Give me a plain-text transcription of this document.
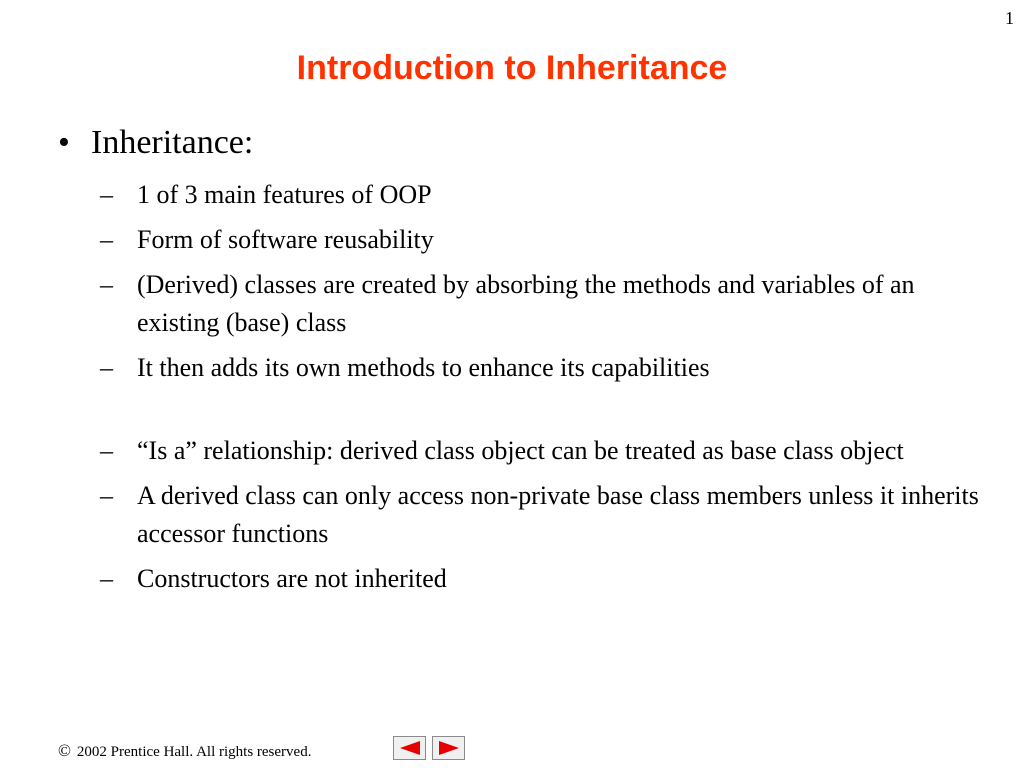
1
Introduction to Inheritance
• Inheritance:
– 1 of 3 main features of OOP
– Form of software reusability
– (Derived) classes are created by absorbing the methods and variables of an existing (base) class
– It then adds its own methods to enhance its capabilities
– “Is a” relationship: derived class object can be treated as base class object
– A derived class can only access non-private base class members unless it inherits accessor functions
– Constructors are not inherited
© 2002 Prentice Hall. All rights reserved.
